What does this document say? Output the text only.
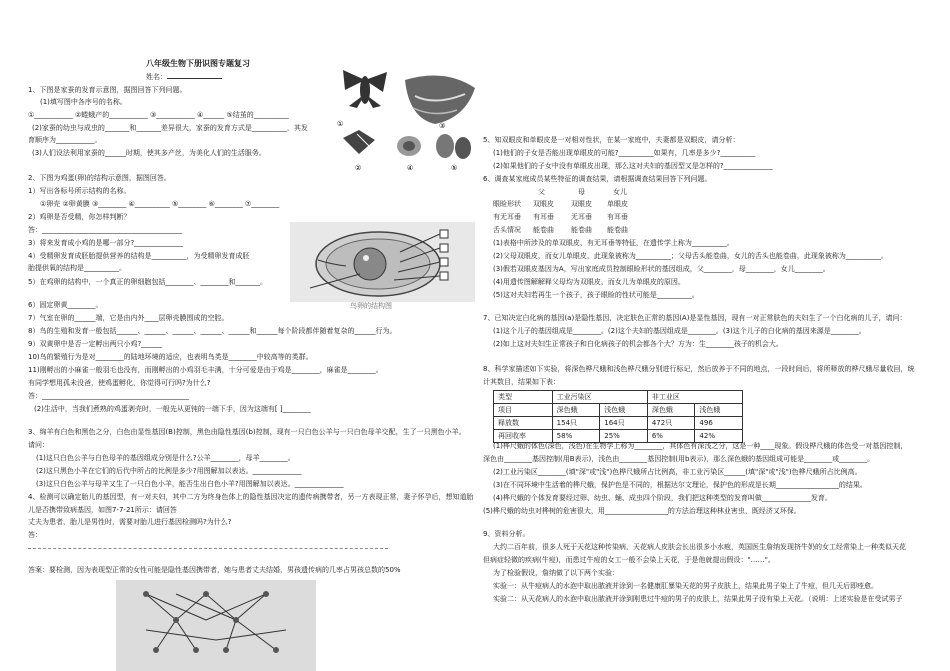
八年级生物下册识图专题复习
姓名：
1、下图是家蚕的发育示意图，据图回答下列问题。
(1)填写图中各序号的名称。
①___________ ②蜷蛾产的___________ ③___________ ④______ ⑤结茧的__________
(2)家蚕的幼虫与成虫的_______和_______差异很大，家蚕的发育方式是__________，其发
育顺序为___________。
(3)人们设法利用家蚕的______时期，使其多产丝，为美化人们的生活服务。
①	③
②	④	⑤
2、下图为鸡蛋(卵)的结构示意图，据图回答。
1）写出各标号所示结构的名称。
①卵壳 ②卵黄膜 ③________ ④__________ ⑤________ ⑥________ ⑦________
2）鸡卵是否受精，你怎样判断？
答：________________________________________
3）将来发育成小鸡的是哪一部分?______________
4）受精卵发育成胚胎提供营养的结构是__________，为受精卵发育成胚
胎提供氧的结构是__________。
5）在鸡卵的结构中，一个真正的卵细胞包括________、________和_______。
6）固定卵黄________。
7）气室在卵的______端，它是由内外____层卵壳膜围成的空腔。
8）鸟的生殖和发育一般包括______、______、______、______、______和______每个阶段都伴随着复杂的______行为。
9）双黄卵中是否一定孵出两只小鸡?______
10)鸟的繁殖行为是对________的陆地环境的适应，也表明鸟类是________中较高等的类群。
11)刚孵出的小麻雀一般羽毛也没有，而刚孵出的小鸡羽毛丰满，十分可爱是由于鸡是________，麻雀是________。
有同学想用孤未没爸，使鸡蛋孵化，你觉得可行吗?为什么?
答：__________________________________________
(2)生活中，当我们煮熟的鸡蛋剥壳时，一般先从更钝的一端下手，因为这端有[ ]________
鸟卵的结构图
3、绵羊有白色和黑色之分，白色由显性基因(B)控制，黑色由隐性基因(b)控制，现有一只白色公羊与一只白色母羊交配，生了一只黑色小羊。
请问：
(1)这只白色公羊与白色母羊的基因组成分别是什么?公羊________，母羊________。
(2)这只黑色小羊在它们的后代中所占的比例是多少?用图解加以表达。______________
(3)这只白色公羊与母羊又生了一只白色小羊，能否生出白色小羊?用图解加以表达。______________
4、检测可以确定胎儿的基因型，有一对夫妇，其中二方为终身色体上的隐性基因决定的遗传病携带者，另一方表现正常，妻子怀孕后，想知道胎
儿是否携带致病基因，如图7-7-21所示：请回答
丈夫为患者，胎儿是男性时，需要对胎儿进行基因检测吗?为什么?
答：
答案：要检测，因为表现型正常的女性可能是隐性基因携带者，她与患者丈夫结婚，男孩遗传病的几率占男孩总数的50%
5、知双眼皮和单眼皮是一对相对性状，在某一家庭中，夫妻都是双眼皮，请分析：
(1)他们的子女是否能出现单眼皮的可能?__________如果有，几率是多少?__________
(2)如果他们的子女中没有单眼皮出现，那么这对夫妇的基因型又是怎样的?______________
6、调查某家庭成员某些特征的调查结果，请根据调查结果回答下列问题。
父	母	女儿
眼睑形状 双眼皮 双眼皮 单眼皮
有无耳垂 有耳垂 无耳垂 有耳垂
舌头情况 能卷曲 能卷曲 能卷曲
(1)表格中所涉及的单双眼皮、有无耳垂等特征，在遗传学上称为__________。
(2)父母双眼皮，而女儿单眼皮，此现象被称为__________；父母舌头能卷曲，女儿的舌头也能卷曲，此现象被称为__________。
(3)假若双眼皮基因为A，写出家庭成员控制眼睑形状的基因组成，父________，母________，女儿________。
(4)用遗传图解解释父母均为双眼皮，而女儿为单眼皮的原因。
(5)这对夫妇若再生一个孩子，孩子眼睑的性状可能是__________。
7、已知决定白化病的基因(a)是隐性基因，决定肤色正常的基因(A)是显性基因，现有一对正常肤色的夫妇生了一个白化病的儿子，请问：
(1)这个儿子的基因组成是________。(2)这个夫妇的基因组成是________。(3)这个儿子的白化病的基因来源是________。
(2)如上这对夫妇生正常孩子和白化病孩子的机会都各个大？方为：生________孩子的机会大。
8、科学家描述如下实验，将深色桦尺蛾和浅色桦尺蛾分别进行标记，然后放养于不同的地点，一段时间后，将所释放的桦尺蛾尽量收回，统
计其数目，结果如下表：
类型	工业污染区		非工业区	
项目	深色蛾	浅色蛾	深色蛾	浅色蛾
释放数	154只	164只	472只	496
再回收率	58%	25%	6%	42%
(1)桦尺蛾的体色(深色，浅色)在生物学上称为________，其体色有深浅之分，这是一种____现象。假设桦尺蛾的体色受一对基因控制，
深色由________基因控制(用B表示)，浅色由________基因控制(用b表示)，那么深色蛾的基因组成可能是________或________。
(2)工业污染区________(填"深"或"浅")色桦尺蛾所占比例高，非工业污染区______(填"深"或"浅")色桦尺蛾所占比例高。
(3)在不同环境中生活着的桦尺蛾，保护色是不同的，根据达尔文理论，保护色的形成是长期__________________的结果。
(4)桦尺蛾的个体发育要经过卵、幼虫、蛹、成虫四个阶段，我们把这种类型的发育叫做______________发育。
(5)桦尺蛾的幼虫对桦树的危害很大，用__________________的方法治理这种林业害虫，既经济又环保。
9、资料分析。
大约二百年前，很多人死于天花这种传染病，天花病人皮肤会长出很多小水疱，英国医生詹纳发现挤牛奶的女工经常染上一种类似天花
但病症轻微的疾病(牛痘)，而患过牛痘的女工一般不会染上天花，于是他就提出假设："……"。
为了检验假设，詹纳做了以下两个实验：
实验一：从牛痘病人的水泡中取出脓液并涂到一名健康肛暴染天花的男子皮肤上，结果此男子染上了牛痘，但几天后即痊愈。
实验二：从天花病人的水泡中取出脓液并涂到刚患过牛痘的男子的皮肤上，结果此男子没有染上天花。（说明：上述实验是在受试男子
